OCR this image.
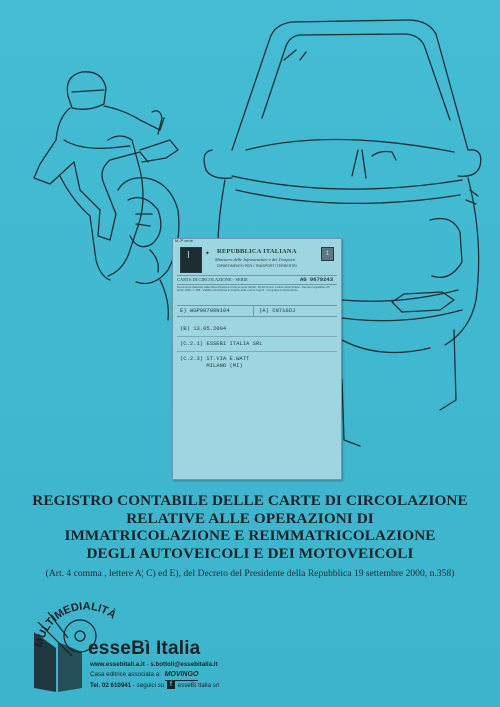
M 2ª serie
I
✦ REPUBBLICA ITALIANA
Ministero delle Infrastrutture e dei Trasporti
DIPARTIMENTO PER I TRASPORTI TERRESTRI
1
CARTA DI CIRCOLAZIONE - SERIE	AG 0679243
Documento rilasciato dalla Motorizzazione Civile ai sensi dell'art. 93 del Nuovo Codice della Strada - Decreto Legislativo 30 aprile 1992, n. 285 - Validità subordinata al rispetto delle norme vigenti - Compilare in stampatello.
E) WGP00700N104	(A) CN716DJ
(B) 13.05.2004
(C.2.1) ESSEBI ITALIA SRL
(C.2.3) ST.VIA E.WATT
MILANO (MI)
REGISTRO CONTABILE DELLE CARTE DI CIRCOLAZIONE
RELATIVE ALLE OPERAZIONI DI
IMMATRICOLAZIONE E REIMMATRICOLAZIONE
DEGLI AUTOVEICOLI E DEI MOTOVEICOLI
(Art. 4 comma , lettere A¦ C) ed E), del Decreto del Presidente della Repubblica 19 settembre 2000, n.358)
MULTIMEDIALITÀ
esseBì Italia
www.essebitali.a.it - s.bottoli@essebitalia.it
Casa editrice associata a: MOVINGO
Tel. 02 610941 - seguici su f esseBi Italia srl
